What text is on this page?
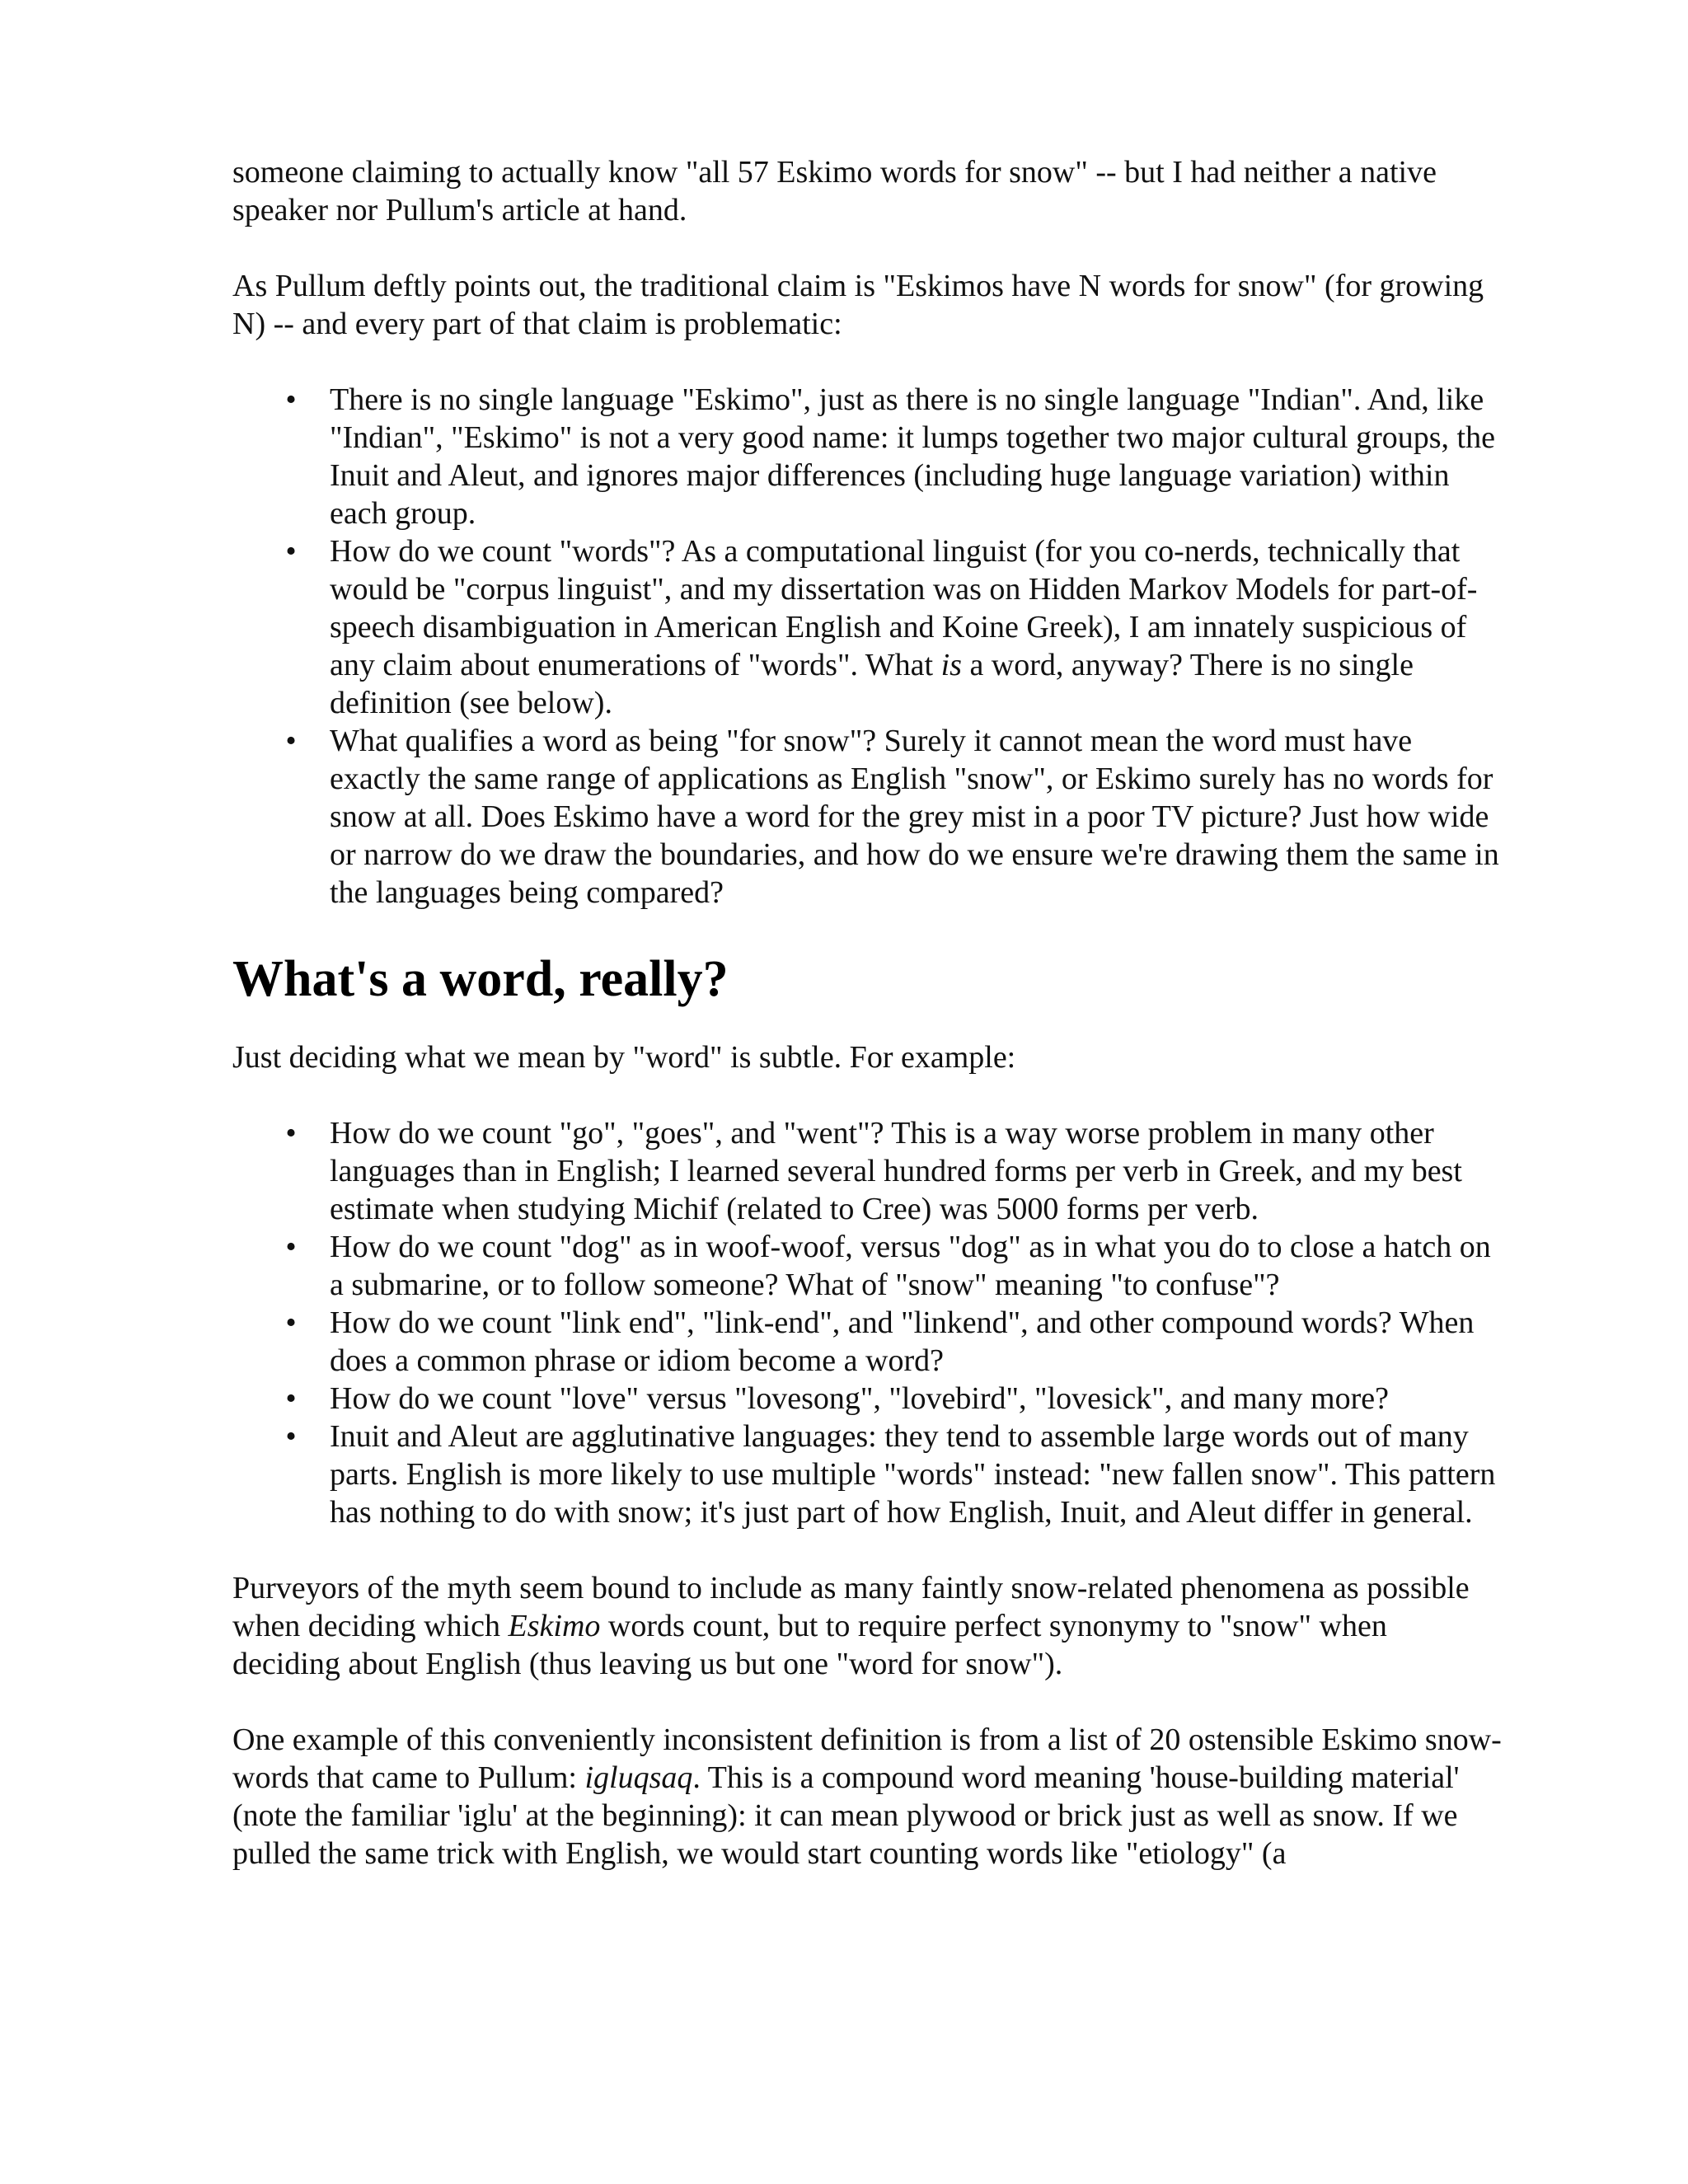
someone claiming to actually know "all 57 Eskimo words for snow" -- but I had neither a native speaker nor Pullum's article at hand.

As Pullum deftly points out, the traditional claim is "Eskimos have N words for snow" (for growing N) -- and every part of that claim is problematic:

• There is no single language "Eskimo", just as there is no single language "Indian". And, like "Indian", "Eskimo" is not a very good name: it lumps together two major cultural groups, the Inuit and Aleut, and ignores major differences (including huge language variation) within each group.
• How do we count "words"? As a computational linguist (for you co-nerds, technically that would be "corpus linguist", and my dissertation was on Hidden Markov Models for part-of-speech disambiguation in American English and Koine Greek), I am innately suspicious of any claim about enumerations of "words". What is a word, anyway? There is no single definition (see below).
• What qualifies a word as being "for snow"? Surely it cannot mean the word must have exactly the same range of applications as English "snow", or Eskimo surely has no words for snow at all. Does Eskimo have a word for the grey mist in a poor TV picture? Just how wide or narrow do we draw the boundaries, and how do we ensure we're drawing them the same in the languages being compared?
What's a word, really?

Just deciding what we mean by "word" is subtle. For example:

• How do we count "go", "goes", and "went"? This is a way worse problem in many other languages than in English; I learned several hundred forms per verb in Greek, and my best estimate when studying Michif (related to Cree) was 5000 forms per verb.
• How do we count "dog" as in woof-woof, versus "dog" as in what you do to close a hatch on a submarine, or to follow someone? What of "snow" meaning "to confuse"?
• How do we count "link end", "link-end", and "linkend", and other compound words? When does a common phrase or idiom become a word?
• How do we count "love" versus "lovesong", "lovebird", "lovesick", and many more?
• Inuit and Aleut are agglutinative languages: they tend to assemble large words out of many parts. English is more likely to use multiple "words" instead: "new fallen snow". This pattern has nothing to do with snow; it's just part of how English, Inuit, and Aleut differ in general.

Purveyors of the myth seem bound to include as many faintly snow-related phenomena as possible when deciding which Eskimo words count, but to require perfect synonymy to "snow" when deciding about English (thus leaving us but one "word for snow").

One example of this conveniently inconsistent definition is from a list of 20 ostensible Eskimo snow-words that came to Pullum: igluqsaq. This is a compound word meaning 'house-building material' (note the familiar 'iglu' at the beginning): it can mean plywood or brick just as well as snow. If we pulled the same trick with English, we would start counting words like "etiology" (a
